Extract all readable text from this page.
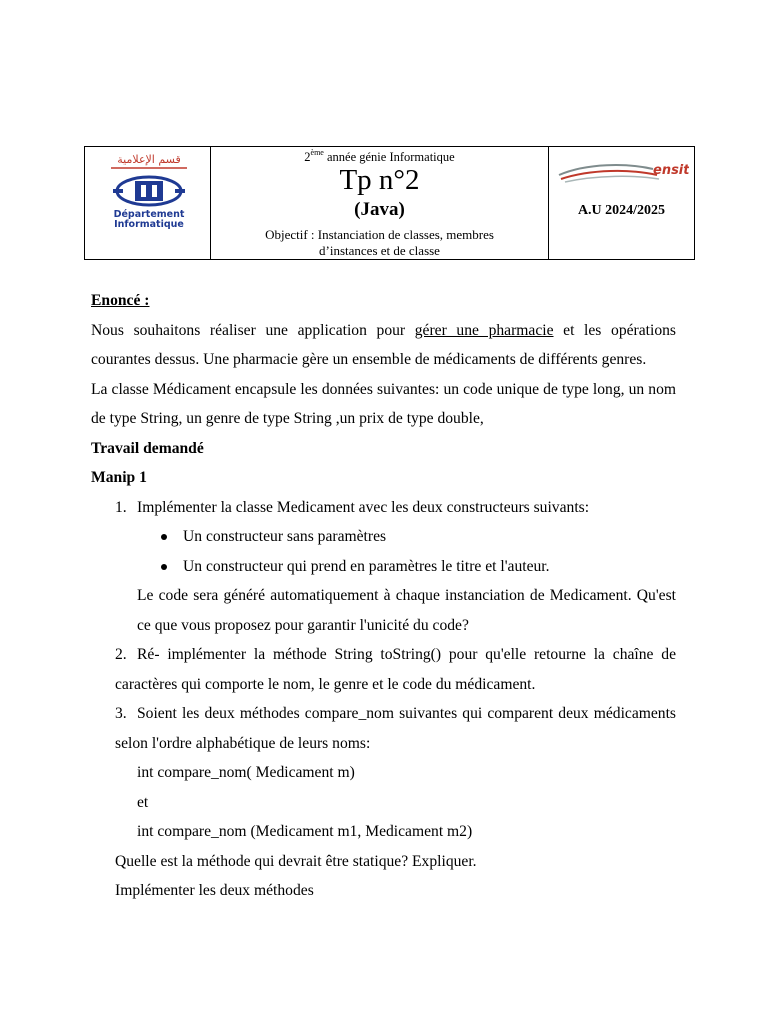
قسم الإعلامية
Département
Informatique
2ème année génie Informatique
Tp n°2
(Java)
Objectif : Instanciation de classes, membres
d’instances et de classe
ensit
A.U 2024/2025

Enoncé :

Nous souhaitons réaliser une application pour gérer une pharmacie et les opérations courantes dessus. Une pharmacie gère un ensemble de médicaments de différents genres.

La classe Médicament encapsule les données suivantes: un code unique de type long, un nom de type String, un genre de type String ,un prix de type double,

Travail demandé

Manip 1

1. Implémenter la classe Medicament avec les deux constructeurs suivants:

Un constructeur sans paramètres
Un constructeur qui prend en paramètres le titre et l'auteur.

Le code sera généré automatiquement à chaque instanciation de Medicament. Qu'est ce que vous proposez pour garantir l'unicité du code?

2. Ré- implémenter la méthode String toString() pour qu'elle retourne la chaîne de caractères qui comporte le nom, le genre et le code du médicament.

3. Soient les deux méthodes compare_nom suivantes qui comparent deux médicaments selon l'ordre alphabétique de leurs noms:

int compare_nom( Medicament m)

et

int compare_nom (Medicament m1, Medicament m2)

Quelle est la méthode qui devrait être statique? Expliquer.

Implémenter les deux méthodes
